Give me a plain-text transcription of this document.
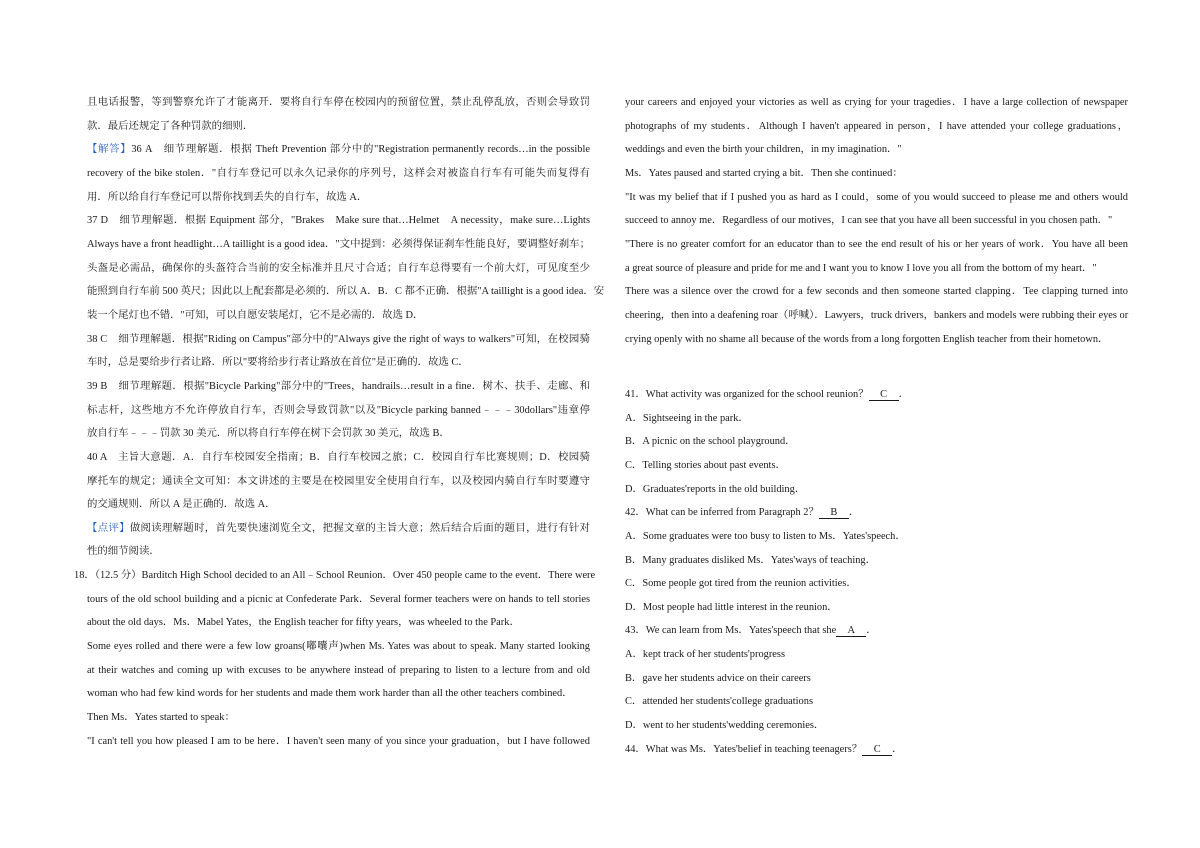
且电话报警，等到警察允许了才能离开．要将自行车停在校园内的预留位置，禁止乱停乱放，否则会导致罚
款．最后还规定了各种罚款的细则．
【解答】36 A　细节理解题．根据 Theft Prevention 部分中的"Registration permanently records…in the possible
recovery of the bike stolen．"自行车登记可以永久记录你的序列号，这样会对被盗自行车有可能失而复得有
用．所以给自行车登记可以帮你找到丢失的自行车，故选 A．
37 D　细节理解题．根据 Equipment 部分，"Brakes　Make sure that…Helmet　A necessity，make sure…Lights
Always have a front headlight…A taillight is a good idea．"文中提到：必须得保证刹车性能良好，要调整好刹车；
头盔是必需品，确保你的头盔符合当前的安全标准并且尺寸合适；自行车总得要有一个前大灯，可见度至少
能照到自行车前 500 英尺；因此以上配套都是必须的．所以 A．B．C 都不正确．根据"A taillight is a good idea．安
装一个尾灯也不错．"可知，可以自愿安装尾灯，它不是必需的．故选 D．
38 C　细节理解题．根据"Riding on Campus"部分中的"Always give the right of ways to walkers"可知，在校园骑
车时，总是要给步行者让路．所以"要将给步行者让路放在首位"是正确的．故选 C．
39 B　细节理解题．根据"Bicycle Parking"部分中的"Trees，handrails…result in a fine．树木、扶手、走廊、和
标志杆，这些地方不允许停放自行车，否则会导致罚款"以及"Bicycle parking banned﹣﹣﹣30dollars"违章停
放自行车﹣﹣﹣罚款 30 美元．所以将自行车停在树下会罚款 30 美元，故选 B．
40 A　主旨大意题．A．自行车校园安全指南；B．自行车校园之旅；C．校园自行车比赛规则；D．校园骑
摩托车的规定；通读全文可知：本文讲述的主要是在校园里安全使用自行车，以及校园内骑自行车时要遵守
的交通规则．所以 A 是正确的．故选 A．
【点评】做阅读理解题时，首先要快速浏览全文，把握文章的主旨大意；然后结合后面的题目，进行有针对
性的细节阅读．
18．（12.5 分）Barditch High School decided to an All﹣School Reunion．Over 450 people came to the event．There were
tours of the old school building and a picnic at Confederate Park．Several former teachers were on hands to tell stories
about the old days．Ms．Mabel Yates，the English teacher for fifty years，was wheeled to the Park．
Some eyes rolled and there were a few low groans(嘟囔声)when Ms. Yates was about to speak. Many started looking
at their watches and coming up with excuses to be anywhere instead of preparing to listen to a lecture from and old
woman who had few kind words for her students and made them work harder than all the other teachers combined．
Then Ms．Yates started to speak：
"I can't tell you how pleased I am to be here．I haven't seen many of you since your graduation，but I have followed
your careers and enjoyed your victories as well as crying for your tragedies．I have a large collection of newspaper
photographs of my students．Although I haven't appeared in person，I have attended your college graduations，
weddings and even the birth your children，in my imagination．"
Ms．Yates paused and started crying a bit．Then she continued：
"It was my belief that if I pushed you as hard as I could，some of you would succeed to please me and others would
succeed to annoy me．Regardless of our motives，I can see that you have all been successful in you chosen path．"
"There is no greater comfort for an educator than to see the end result of his or her years of work．You have all been
a great source of pleasure and pride for me and I want you to know I love you all from the bottom of my heart．"
There was a silence over the crowd for a few seconds and then someone started clapping．Tee clapping turned into
cheering，then into a deafening roar（呼喊）．Lawyers，truck drivers，bankers and models were rubbing their eyes or
crying openly with no shame all because of the words from a long forgotten English teacher from their hometown．
41．What activity was organized for the school reunion？ C ．
A．Sightseeing in the park．
B．A picnic on the school playground．
C．Telling stories about past events．
D．Graduates'reports in the old building．
42．What can be inferred from Paragraph 2？ B ．
A．Some graduates were too busy to listen to Ms．Yates'speech．
B．Many graduates disliked Ms．Yates'ways of teaching．
C．Some people got tired from the reunion activities．
D．Most people had little interest in the reunion．
43．We can learn from Ms．Yates'speech that she A ．
A．kept track of her students'progress
B．gave her students advice on their careers
C．attended her students'college graduations
D．went to her students'wedding ceremonies．
44．What was Ms．Yates'belief in teaching teenagers？ C ．
